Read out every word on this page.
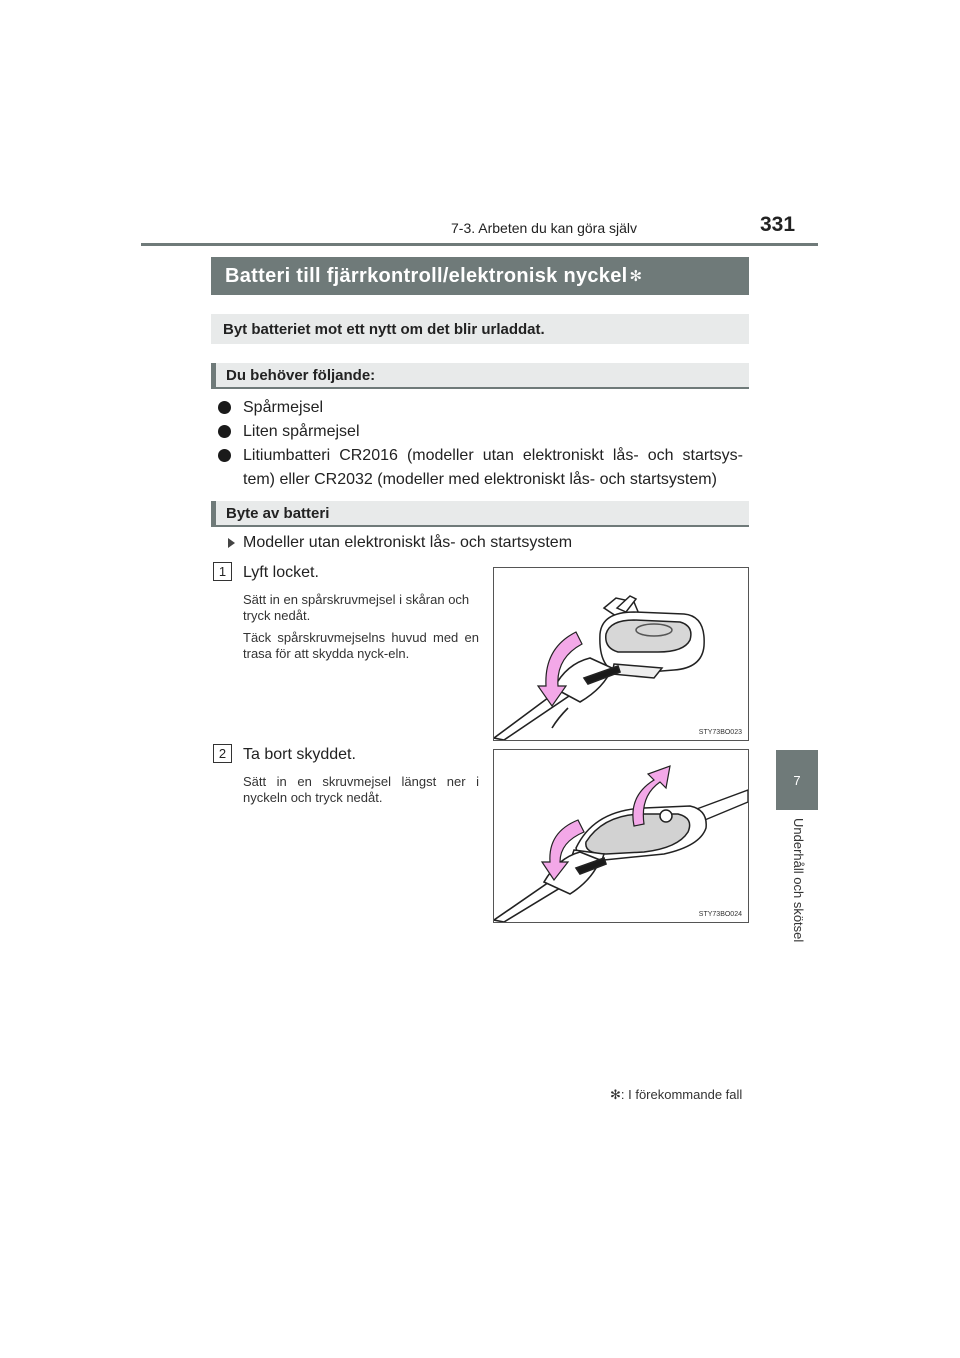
7-3. Arbeten du kan göra själv	331
7
Underhåll och skötsel
Batteri till fjärrkontroll/elektronisk nyckel ✻
Byt batteriet mot ett nytt om det blir urladdat.
Du behöver följande:
Spårmejsel
Liten spårmejsel
Litiumbatteri CR2016 (modeller utan elektroniskt lås- och startsys-
tem) eller CR2032 (modeller med elektroniskt lås- och startsystem)
Byte av batteri
Modeller utan elektroniskt lås- och startsystem
1	Lyft locket.
Sätt in en spårskruvmejsel i skåran och tryck nedåt.
Täck spårskruvmejselns huvud med en trasa för att skydda nyck-eln.
STY73BO023
2	Ta bort skyddet.
Sätt in en skruvmejsel längst ner i nyckeln och tryck nedåt.
STY73BO024
✻: I förekommande fall
